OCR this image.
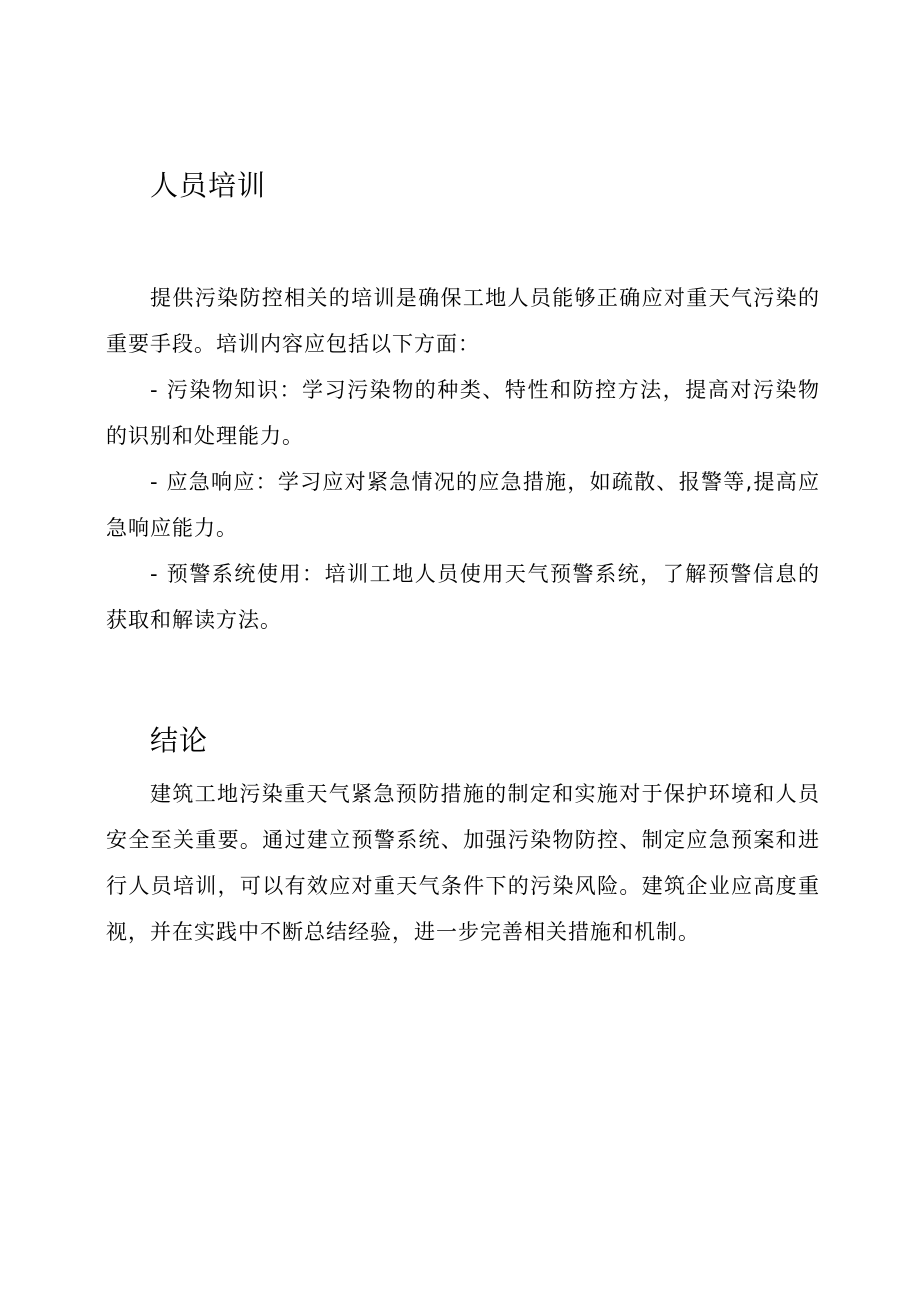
人员培训

提供污染防控相关的培训是确保工地人员能够正确应对重天气污染的重要手段。培训内容应包括以下方面：

- 污染物知识：学习污染物的种类、特性和防控方法，提高对污染物的识别和处理能力。

- 应急响应：学习应对紧急情况的应急措施，如疏散、报警等,提高应急响应能力。

- 预警系统使用：培训工地人员使用天气预警系统，了解预警信息的获取和解读方法。

结论

建筑工地污染重天气紧急预防措施的制定和实施对于保护环境和人员安全至关重要。通过建立预警系统、加强污染物防控、制定应急预案和进行人员培训，可以有效应对重天气条件下的污染风险。建筑企业应高度重视，并在实践中不断总结经验，进一步完善相关措施和机制。
